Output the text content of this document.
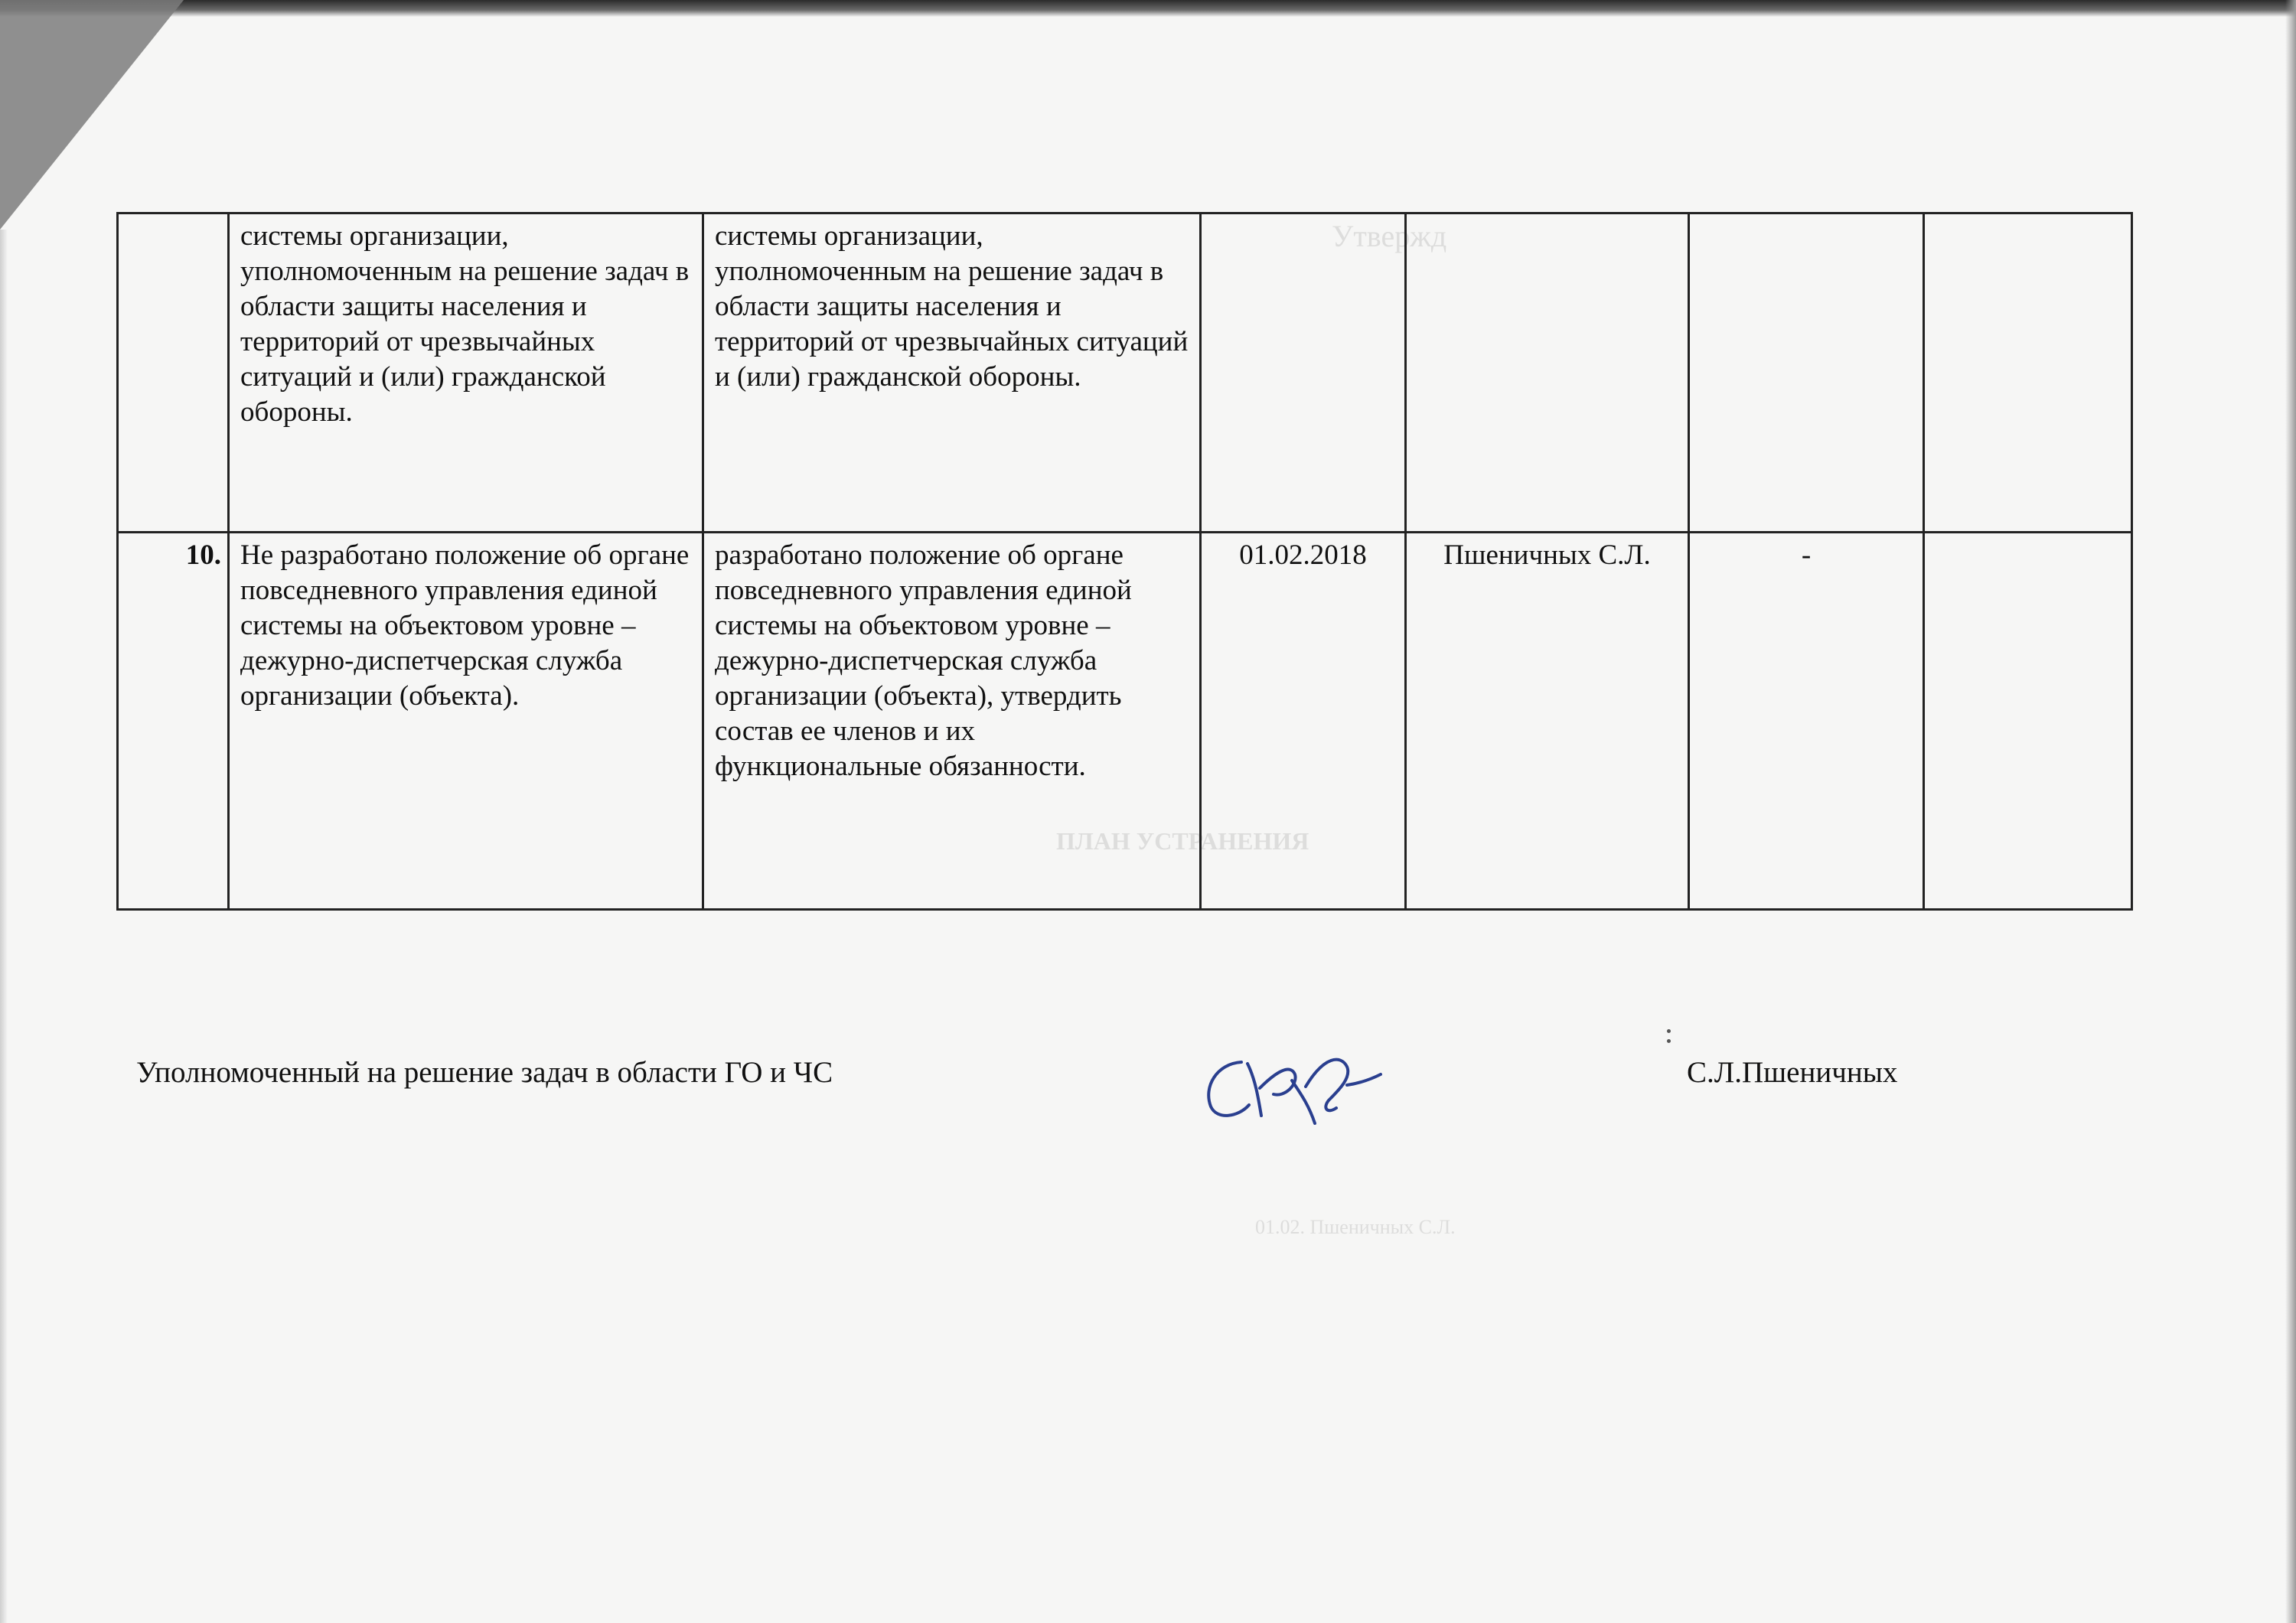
Утвержд
ПЛАН УСТРАНЕНИЯ
01.02. Пшеничных С.Л.
	системы организации, уполномоченным на решение задач в области защиты населения и территорий от чрезвычайных ситуаций и (или) гражданской обороны.	системы организации, уполномоченным на решение задач в области защиты населения и территорий от чрезвычайных ситуаций и (или) гражданской обороны.				
10.	Не разработано положение об органе повседневного управления единой системы на объектовом уровне – дежурно-диспетчерская служба организации (объекта).	разработано положение об органе повседневного управления единой системы на объектовом уровне – дежурно-диспетчерская служба организации (объекта), утвердить состав ее членов и их функциональные обязанности.	01.02.2018	Пшеничных С.Л.	-	
Уполномоченный на решение задач в области ГО и ЧС	С.Л.Пшеничных
